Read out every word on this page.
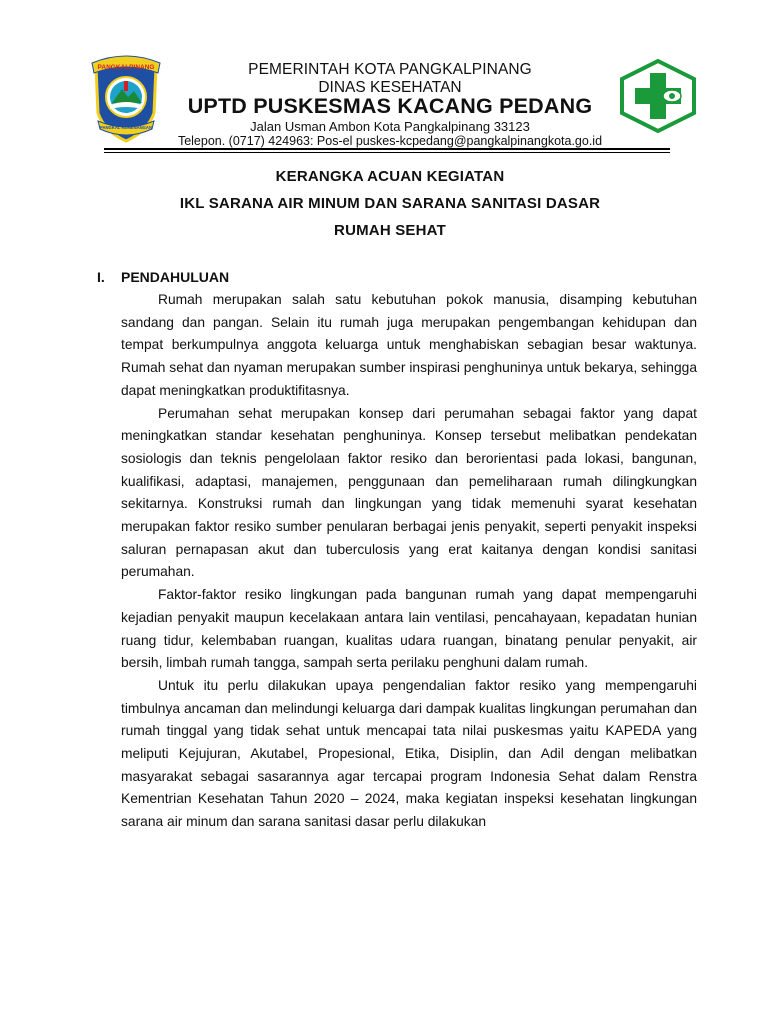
PANGKALPINANG
PANGKAL KEMENANGAN
PEMERINTAH KOTA PANGKALPINANG
DINAS KESEHATAN
UPTD PUSKESMAS KACANG PEDANG
Jalan Usman Ambon Kota Pangkalpinang 33123
Telepon. (0717) 424963: Pos-el puskes-kcpedang@pangkalpinangkota.go.id
KERANGKA ACUAN KEGIATAN
IKL SARANA AIR MINUM DAN SARANA SANITASI DASAR
RUMAH SEHAT
I. PENDAHULUAN

Rumah merupakan salah satu kebutuhan pokok manusia, disamping kebutuhan sandang dan pangan. Selain itu rumah juga merupakan pengembangan kehidupan dan tempat berkumpulnya anggota keluarga untuk menghabiskan sebagian besar waktunya. Rumah sehat dan nyaman merupakan sumber inspirasi penghuninya untuk bekarya, sehingga dapat meningkatkan produktifitasnya.

Perumahan sehat merupakan konsep dari perumahan sebagai faktor yang dapat meningkatkan standar kesehatan penghuninya. Konsep tersebut melibatkan pendekatan sosiologis dan teknis pengelolaan faktor resiko dan berorientasi pada lokasi, bangunan, kualifikasi, adaptasi, manajemen, penggunaan dan pemeliharaan rumah dilingkungkan sekitarnya. Konstruksi rumah dan lingkungan yang tidak memenuhi syarat kesehatan merupakan faktor resiko sumber penularan berbagai jenis penyakit, seperti penyakit inspeksi saluran pernapasan akut dan tuberculosis yang erat kaitanya dengan kondisi sanitasi perumahan.

Faktor-faktor resiko lingkungan pada bangunan rumah yang dapat mempengaruhi kejadian penyakit maupun kecelakaan antara lain ventilasi, pencahayaan, kepadatan hunian ruang tidur, kelembaban ruangan, kualitas udara ruangan, binatang penular penyakit, air bersih, limbah rumah tangga, sampah serta perilaku penghuni dalam rumah.

Untuk itu perlu dilakukan upaya pengendalian faktor resiko yang mempengaruhi timbulnya ancaman dan melindungi keluarga dari dampak kualitas lingkungan perumahan dan rumah tinggal yang tidak sehat untuk mencapai tata nilai puskesmas yaitu KAPEDA yang meliputi Kejujuran, Akutabel, Propesional, Etika, Disiplin, dan Adil dengan melibatkan masyarakat sebagai sasarannya agar tercapai program Indonesia Sehat dalam Renstra Kementrian Kesehatan Tahun 2020 – 2024, maka kegiatan inspeksi kesehatan lingkungan sarana air minum dan sarana sanitasi dasar perlu dilakukan
